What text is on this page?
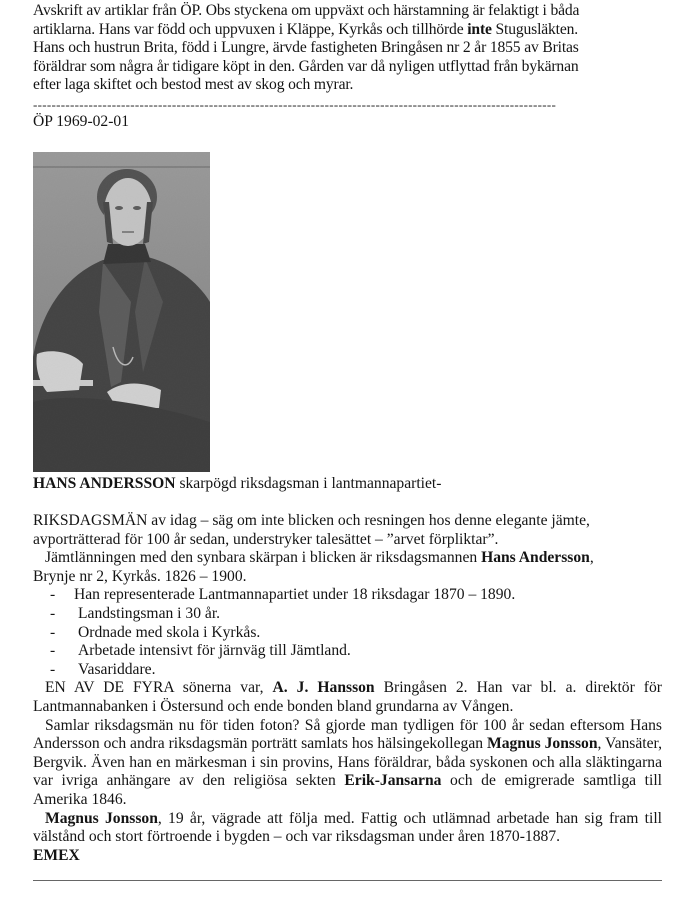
Avskrift av artiklar från ÖP. Obs styckena om uppväxt och härstamning är felaktigt i båda

artiklarna. Hans var född och uppvuxen i Kläppe, Kyrkås och tillhörde inte Stugusläkten.

Hans och hustrun Brita, född i Lungre, ärvde fastigheten Bringåsen nr 2 år 1855 av Britas

föräldrar som några år tidigare köpt in den. Gården var då nyligen utflyttad från bykärnan

efter laga skiftet och bestod mest av skog och myrar.

-----------------------------------------------------------------------------------------------------------------
ÖP 1969-02-01
HANS ANDERSSON skarpögd riksdagsman i lantmannapartiet-
RIKSDAGSMÄN av idag – säg om inte blicken och resningen hos denne elegante jämte,
avporträtterad för 100 år sedan, understryker talesättet – ”arvet förpliktar”.
Jämtlänningen med den synbara skärpan i blicken är riksdagsmannen Hans Andersson,
Brynje nr 2, Kyrkås. 1826 – 1900.
- Han representerade Lantmannapartiet under 18 riksdagar 1870 – 1890.
- Landstingsman i 30 år.
- Ordnade med skola i Kyrkås.
- Arbetade intensivt för järnväg till Jämtland.
- Vasariddare.

EN AV DE FYRA sönerna var, A. J. Hansson Bringåsen 2. Han var bl. a. direktör för Lantmannabanken i Östersund och ende bonden bland grundarna av Vången.

Samlar riksdagsmän nu för tiden foton? Så gjorde man tydligen för 100 år sedan eftersom Hans Andersson och andra riksdagsmän porträtt samlats hos hälsingekollegan Magnus Jonsson, Vansäter, Bergvik. Även han en märkesman i sin provins, Hans föräldrar, båda syskonen och alla släktingarna var ivriga anhängare av den religiösa sekten Erik-Jansarna och de emigrerade samtliga till Amerika 1846.

Magnus Jonsson, 19 år, vägrade att följa med. Fattig och utlämnad arbetade han sig fram till välstånd och stort förtroende i bygden – och var riksdagsman under åren 1870-1887.

EMEX
